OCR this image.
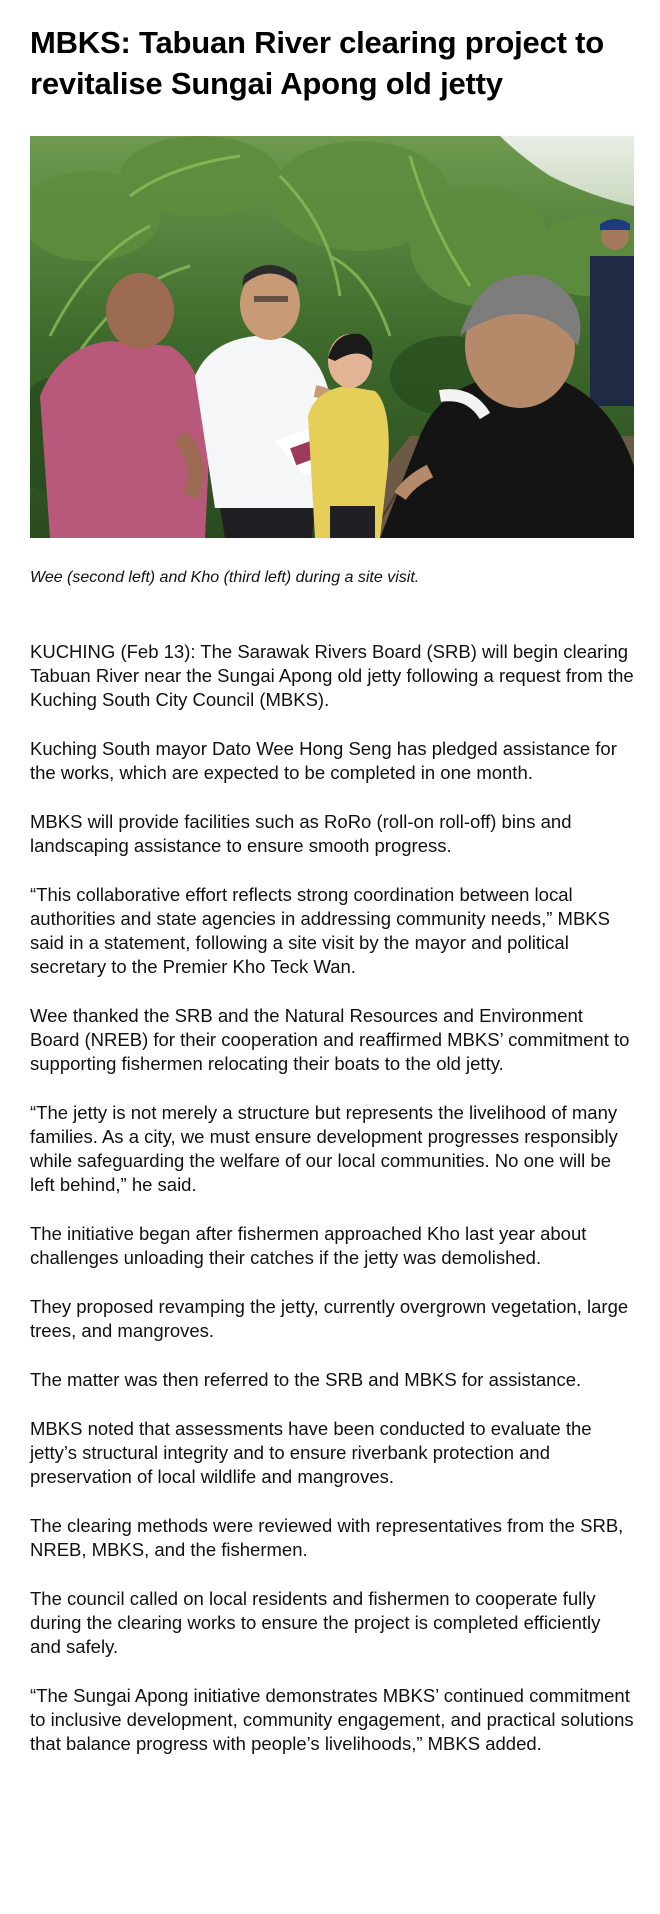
MBKS: Tabuan River clearing project to revitalise Sungai Apong old jetty

Wee (second left) and Kho (third left) during a site visit.

KUCHING (Feb 13): The Sarawak Rivers Board (SRB) will begin clearing Tabuan River near the Sungai Apong old jetty following a request from the Kuching South City Council (MBKS).

Kuching South mayor Dato Wee Hong Seng has pledged assistance for the works, which are expected to be completed in one month.

MBKS will provide facilities such as RoRo (roll-on roll-off) bins and landscaping assistance to ensure smooth progress.

“This collaborative effort reflects strong coordination between local authorities and state agencies in addressing community needs,” MBKS said in a statement, following a site visit by the mayor and political secretary to the Premier Kho Teck Wan.

Wee thanked the SRB and the Natural Resources and Environment Board (NREB) for their cooperation and reaffirmed MBKS’ commitment to supporting fishermen relocating their boats to the old jetty.

“The jetty is not merely a structure but represents the livelihood of many families. As a city, we must ensure development progresses responsibly while safeguarding the welfare of our local communities. No one will be left behind,” he said.

The initiative began after fishermen approached Kho last year about challenges unloading their catches if the jetty was demolished.

They proposed revamping the jetty, currently overgrown vegetation, large trees, and mangroves.

The matter was then referred to the SRB and MBKS for assistance.

MBKS noted that assessments have been conducted to evaluate the jetty’s structural integrity and to ensure riverbank protection and preservation of local wildlife and mangroves.

The clearing methods were reviewed with representatives from the SRB, NREB, MBKS, and the fishermen.

The council called on local residents and fishermen to cooperate fully during the clearing works to ensure the project is completed efficiently and safely.

“The Sungai Apong initiative demonstrates MBKS’ continued commitment to inclusive development, community engagement, and practical solutions that balance progress with people’s livelihoods,” MBKS added.
